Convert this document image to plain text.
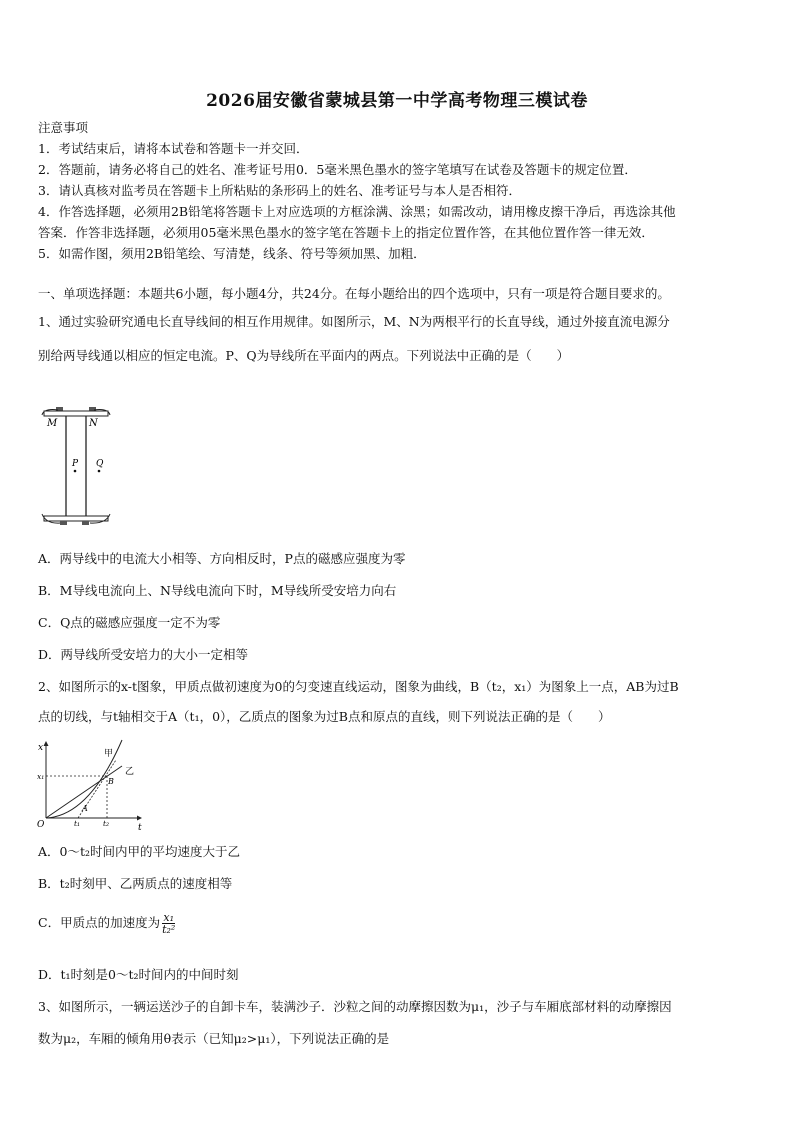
2026届安徽省蒙城县第一中学高考物理三模试卷
注意事项
1．考试结束后，请将本试卷和答题卡一并交回．
2．答题前，请务必将自己的姓名、准考证号用0．5毫米黑色墨水的签字笔填写在试卷及答题卡的规定位置．
3．请认真核对监考员在答题卡上所粘贴的条形码上的姓名、准考证号与本人是否相符．
4．作答选择题，必须用2B铅笔将答题卡上对应选项的方框涂满、涂黑；如需改动，请用橡皮擦干净后，再选涂其他
答案．作答非选择题，必须用05毫米黑色墨水的签字笔在答题卡上的指定位置作答，在其他位置作答一律无效．
5．如需作图，须用2B铅笔绘、写清楚，线条、符号等须加黑、加粗．
一、单项选择题：本题共6小题，每小题4分，共24分。在每小题给出的四个选项中，只有一项是符合题目要求的。
1、通过实验研究通电长直导线间的相互作用规律。如图所示，M、N为两根平行的长直导线，通过外接直流电源分
别给两导线通以相应的恒定电流。P、Q为导线所在平面内的两点。下列说法中正确的是（　　）
M	N
P Q
A．两导线中的电流大小相等、方向相反时，P点的磁感应强度为零
B．M导线电流向上、N导线电流向下时，M导线所受安培力向右
C．Q点的磁感应强度一定不为零
D．两导线所受安培力的大小一定相等
2、如图所示的x-t图象，甲质点做初速度为0的匀变速直线运动，图象为曲线，B（t₂，x₁）为图象上一点，AB为过B
点的切线，与t轴相交于A（t₁，0），乙质点的图象为过B点和原点的直线，则下列说法正确的是（　　）
t
x
O
x₁
t₁	t₂
A
B
甲
乙
A．0～t₂时间内甲的平均速度大于乙
B．t₂时刻甲、乙两质点的速度相等
C．甲质点的加速度为 $\frac{\text{x₁}}{\text{t₂²}}$
D．t₁时刻是0～t₂时间内的中间时刻
3、如图所示，一辆运送沙子的自卸卡车，装满沙子．沙粒之间的动摩擦因数为μ₁，沙子与车厢底部材料的动摩擦因
数为μ₂，车厢的倾角用θ表示（已知μ₂>μ₁），下列说法正确的是
